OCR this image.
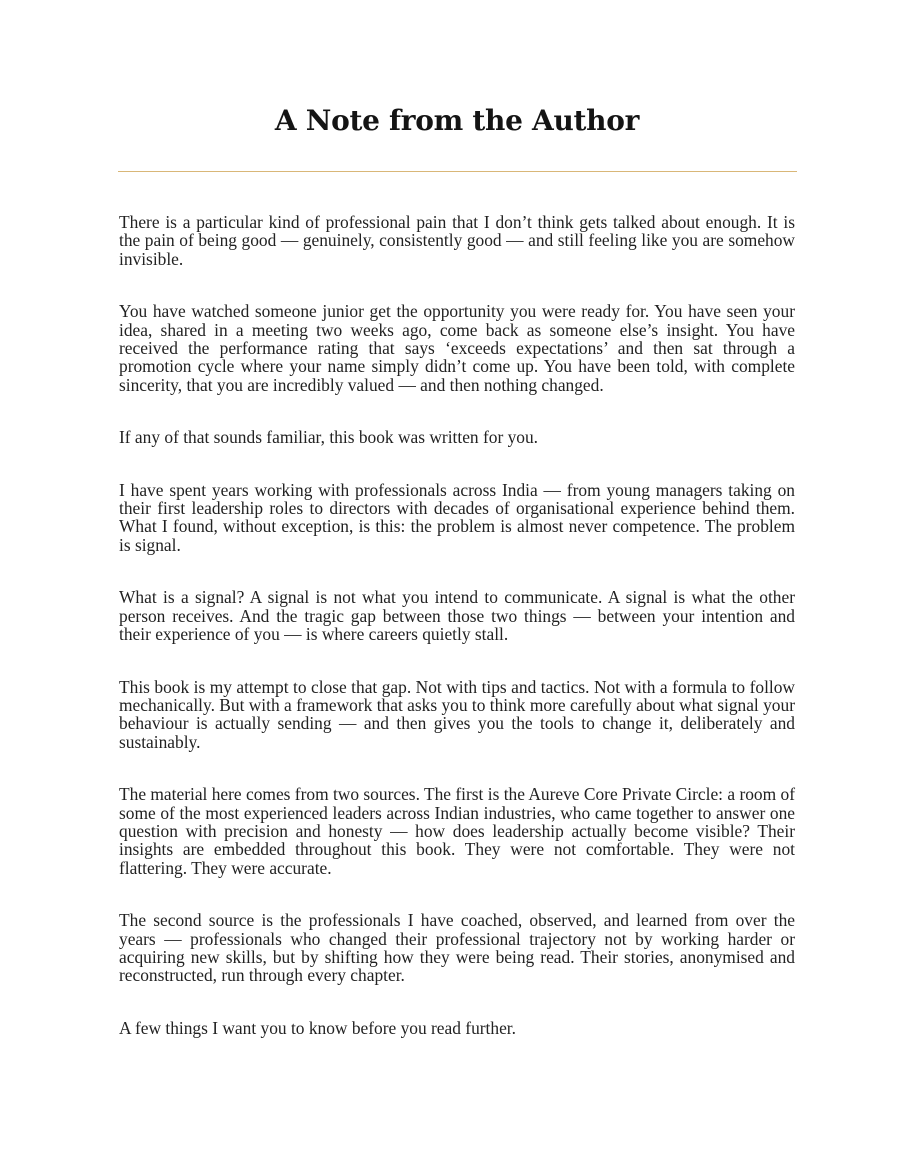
A Note from the Author

There is a particular kind of professional pain that I don’t think gets talked about enough. It is the pain of being good — genuinely, consistently good — and still feeling like you are somehow invisible.

You have watched someone junior get the opportunity you were ready for. You have seen your idea, shared in a meeting two weeks ago, come back as someone else’s insight. You have received the performance rating that says ‘exceeds expectations’ and then sat through a promotion cycle where your name simply didn’t come up. You have been told, with complete sincerity, that you are incredibly valued — and then nothing changed.

If any of that sounds familiar, this book was written for you.

I have spent years working with professionals across India — from young managers taking on their first leadership roles to directors with decades of organisational experience behind them. What I found, without exception, is this: the problem is almost never competence. The problem is signal.

What is a signal? A signal is not what you intend to communicate. A signal is what the other person receives. And the tragic gap between those two things — between your intention and their experience of you — is where careers quietly stall.

This book is my attempt to close that gap. Not with tips and tactics. Not with a formula to follow mechanically. But with a framework that asks you to think more carefully about what signal your behaviour is actually sending — and then gives you the tools to change it, deliberately and sustainably.

The material here comes from two sources. The first is the Aureve Core Private Circle: a room of some of the most experienced leaders across Indian industries, who came together to answer one question with precision and honesty — how does leadership actually become visible? Their insights are embedded throughout this book. They were not comfortable. They were not flattering. They were accurate.

The second source is the professionals I have coached, observed, and learned from over the years — professionals who changed their professional trajectory not by working harder or acquiring new skills, but by shifting how they were being read. Their stories, anonymised and reconstructed, run through every chapter.

A few things I want you to know before you read further.
